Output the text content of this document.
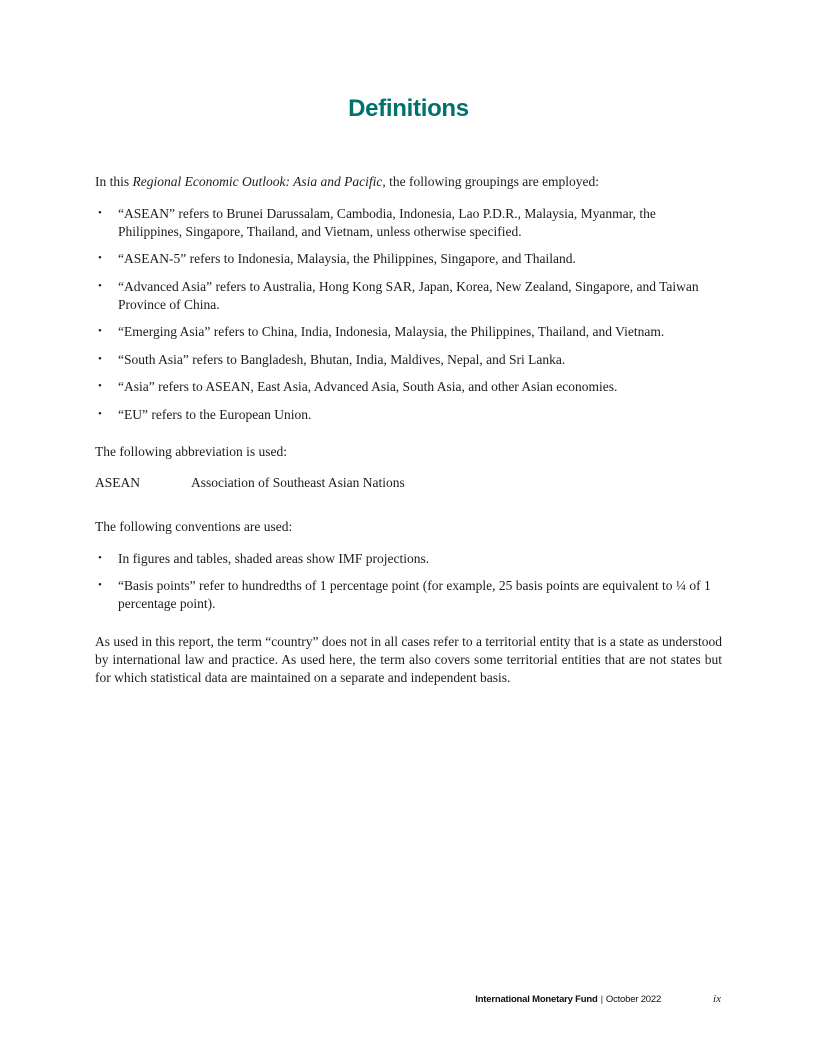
Definitions

In this Regional Economic Outlook: Asia and Pacific, the following groupings are employed:

• “ASEAN” refers to Brunei Darussalam, Cambodia, Indonesia, Lao P.D.R., Malaysia, Myanmar, the Philippines, Singapore, Thailand, and Vietnam, unless otherwise specified.
• “ASEAN-5” refers to Indonesia, Malaysia, the Philippines, Singapore, and Thailand.
• “Advanced Asia” refers to Australia, Hong Kong SAR, Japan, Korea, New Zealand, Singapore, and Taiwan Province of China.
• “Emerging Asia” refers to China, India, Indonesia, Malaysia, the Philippines, Thailand, and Vietnam.
• “South Asia” refers to Bangladesh, Bhutan, India, Maldives, Nepal, and Sri Lanka.
• “Asia” refers to ASEAN, East Asia, Advanced Asia, South Asia, and other Asian economies.
• “EU” refers to the European Union.

The following abbreviation is used:

ASEAN	Association of Southeast Asian Nations

The following conventions are used:

• In figures and tables, shaded areas show IMF projections.
• “Basis points” refer to hundredths of 1 percentage point (for example, 25 basis points are equivalent to ¼ of 1 percentage point).

As used in this report, the term “country” does not in all cases refer to a territorial entity that is a state as understood by international law and practice. As used here, the term also covers some territorial entities that are not states but for which statistical data are maintained on a separate and independent basis.

International Monetary Fund | October 2022	ix
